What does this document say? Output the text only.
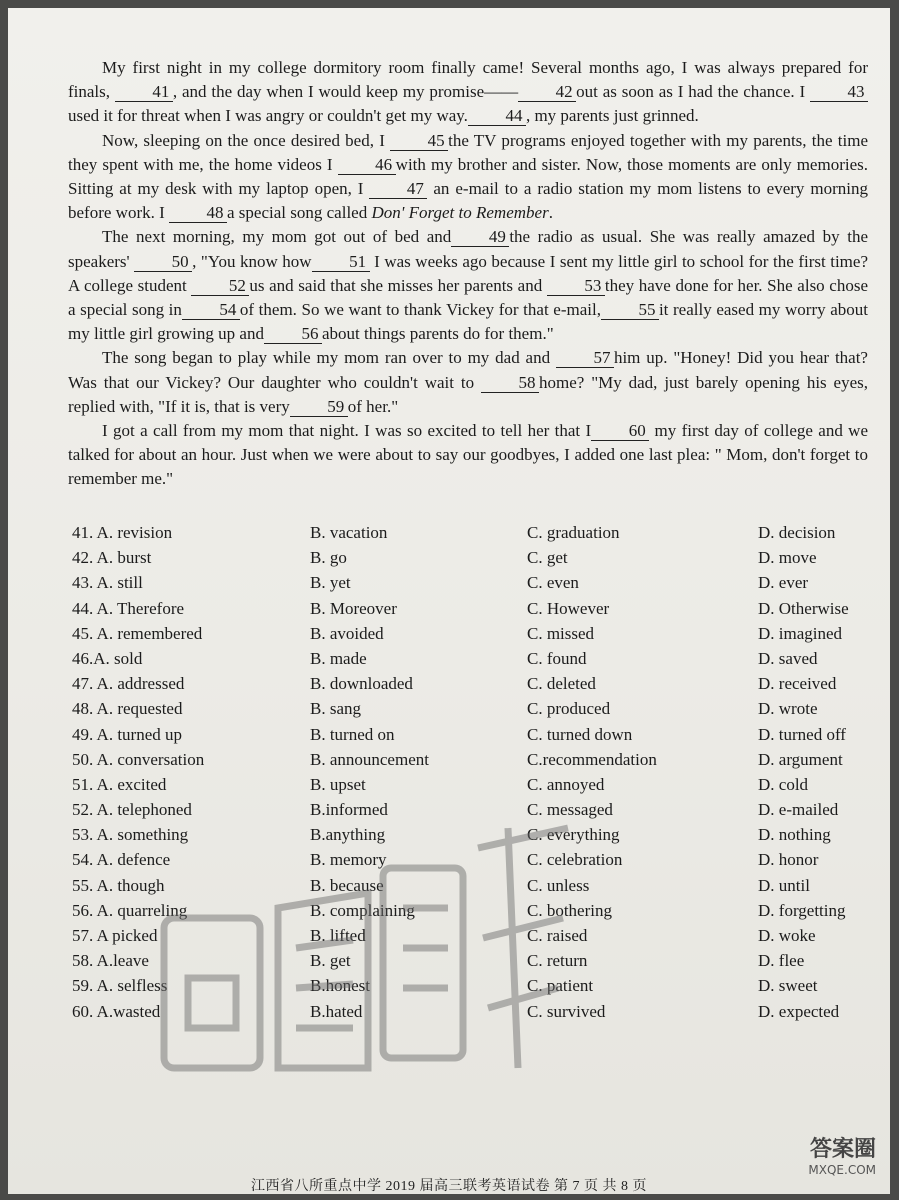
My first night in my college dormitory room finally came! Several months ago, I was always prepared for finals, 41 , and the day when I would keep my promise—— 42 out as soon as I had the chance. I 43used it for threat when I was angry or couldn't get my way. 44 , my parents just grinned.

Now, sleeping on the once desired bed, I 45 the TV programs enjoyed together with my parents, the time they spent with me, the home videos I 46 with my brother and sister. Now, those moments are only memories. Sitting at my desk with my laptop open, I 47 an e-mail to a radio station my mom listens to every morning before work. I 48 a special song called Don' Forget to Remember.

The next morning, my mom got out of bed and 49 the radio as usual. She was really amazed by the speakers' 50 , "You know how 51 I was weeks ago because I sent my little girl to school for the first time? A college student 52 us and said that she misses her parents and 53 they have done for her. She also chose a special song in 54 of them. So we want to thank Vickey for that e-mail, 55 it really eased my worry about my little girl growing up and 56 about things parents do for them."

The song began to play while my mom ran over to my dad and 57 him up. "Honey! Did you hear that? Was that our Vickey? Our daughter who couldn't wait to 58 home? "My dad, just barely opening his eyes, replied with, "If it is, that is very 59 of her."

I got a call from my mom that night. I was so excited to tell her that I 60 my first day of college and we talked for about an hour. Just when we were about to say our goodbyes, I added one last plea: " Mom, don't forget to remember me."

41. A. revision	B. vacation	C. graduation	D. decision
42. A. burst	B. go	C. get	D. move
43. A. still	B. yet	C. even	D. ever
44. A. Therefore	B. Moreover	C. However	D. Otherwise
45. A. remembered	B. avoided	C. missed	D. imagined
46.A. sold	B. made	C. found	D. saved
47. A. addressed	B. downloaded	C. deleted	D. received
48. A. requested	B. sang	C. produced	D. wrote
49. A. turned up	B. turned on	C. turned down	D. turned off
50. A. conversation	B. announcement	C.recommendation	D. argument
51. A. excited	B. upset	C. annoyed	D. cold
52. A. telephoned	B.informed	C. messaged	D. e-mailed
53. A. something	B.anything	C. everything	D. nothing
54. A. defence	B. memory	C. celebration	D. honor
55. A. though	B. because	C. unless	D. until
56. A. quarreling	B. complaining	C. bothering	D. forgetting
57. A picked	B. lifted	C. raised	D. woke
58. A.leave	B. get	C. return	D. flee
59. A. selfless	B.honest	C. patient	D. sweet
60. A.wasted	B.hated	C. survived	D. expected
江西省八所重点中学 2019 届高三联考英语试卷 第 7 页 共 8 页
答案圈
MXQE.COM
